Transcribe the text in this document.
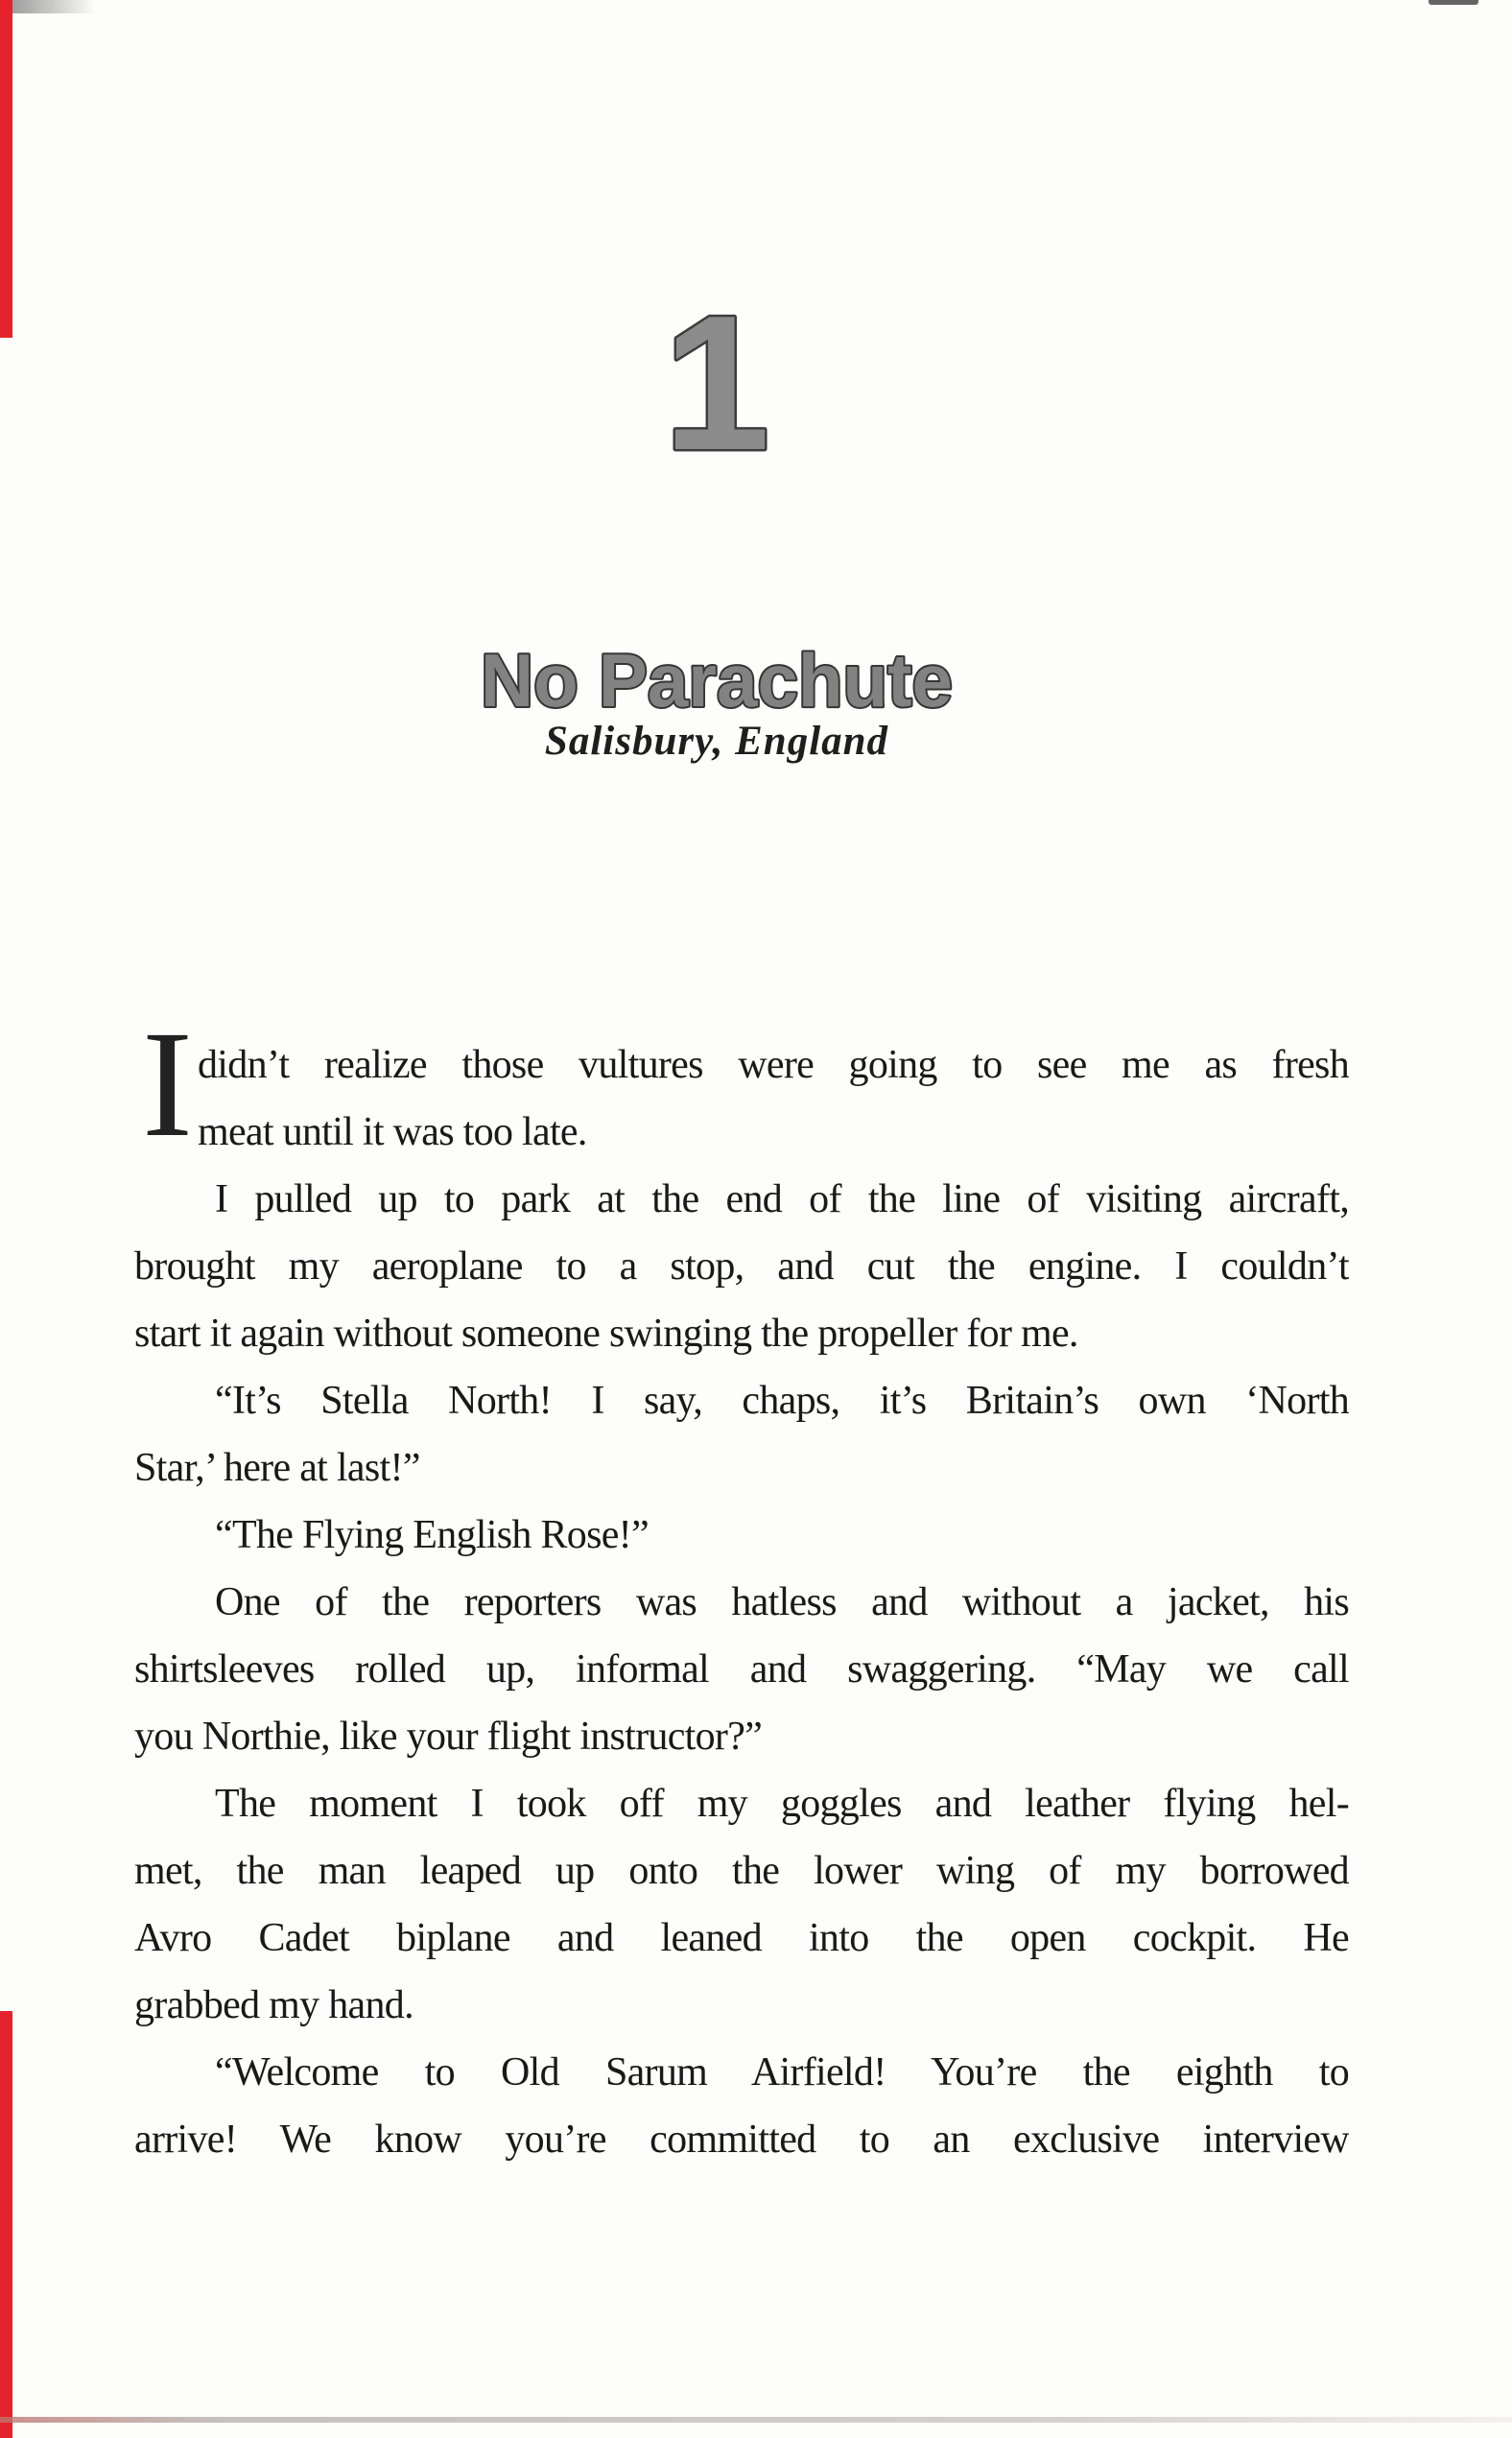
1
No Parachute
Salisbury, England
I didn’t realize those vultures were going to see me as fresh
meat until it was too late.
I pulled up to park at the end of the line of visiting aircraft,
brought my aeroplane to a stop, and cut the engine. I couldn’t
start it again without someone swinging the propeller for me.
“It’s Stella North! I say, chaps, it’s Britain’s own ‘North
Star,’ here at last!”
“The Flying English Rose!”
One of the reporters was hatless and without a jacket, his
shirtsleeves rolled up, informal and swaggering. “May we call
you Northie, like your flight instructor?”
The moment I took off my goggles and leather flying hel-
met, the man leaped up onto the lower wing of my borrowed
Avro Cadet biplane and leaned into the open cockpit. He
grabbed my hand.
“Welcome to Old Sarum Airfield! You’re the eighth to
arrive! We know you’re committed to an exclusive interview
